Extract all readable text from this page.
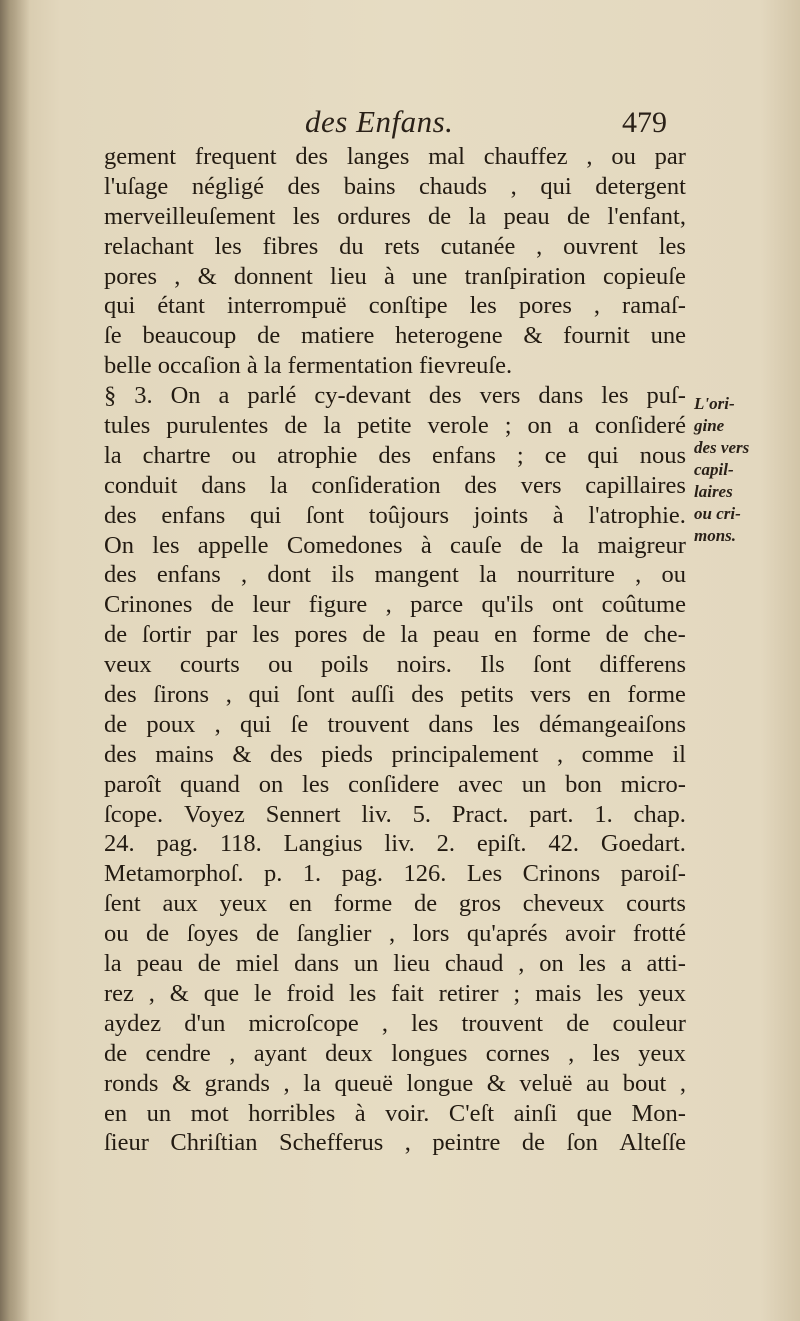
des Enfans.	479
gement frequent des langes mal chauffez , ou par
l'uſage négligé des bains chauds , qui detergent
merveilleuſement les ordures de la peau de l'enfant,
relachant les fibres du rets cutanée , ouvrent les
pores , & donnent lieu à une tranſpiration copieuſe
qui étant interrompuë conſtipe les pores , ramaſ-
ſe beaucoup de matiere heterogene & fournit une
belle occaſion à la fermentation fievreuſe.
§ 3. On a parlé cy-devant des vers dans les puſ-
tules purulentes de la petite verole ; on a conſideré
la chartre ou atrophie des enfans ; ce qui nous
conduit dans la conſideration des vers capillaires
des enfans qui ſont toûjours joints à l'atrophie.
On les appelle Comedones à cauſe de la maigreur
des enfans , dont ils mangent la nourriture , ou
Crinones de leur figure , parce qu'ils ont coûtume
de ſortir par les pores de la peau en forme de che-
veux courts ou poils noirs. Ils ſont differens
des ſirons , qui ſont auſſi des petits vers en forme
de poux , qui ſe trouvent dans les démangeaiſons
des mains & des pieds principalement , comme il
paroît quand on les conſidere avec un bon micro-
ſcope. Voyez Sennert liv. 5. Pract. part. 1. chap.
24. pag. 118. Langius liv. 2. epiſt. 42. Goedart.
Metamorphoſ. p. 1. pag. 126. Les Crinons paroiſ-
ſent aux yeux en forme de gros cheveux courts
ou de ſoyes de ſanglier , lors qu'aprés avoir frotté
la peau de miel dans un lieu chaud , on les a atti-
rez , & que le froid les fait retirer ; mais les yeux
aydez d'un microſcope , les trouvent de couleur
de cendre , ayant deux longues cornes , les yeux
ronds & grands , la queuë longue & veluë au bout ,
en un mot horribles à voir. C'eſt ainſi que Mon-
ſieur Chriſtian Schefferus , peintre de ſon Alteſſe
L'ori-
gine
des vers
capil-
laires
ou cri-
mons.
